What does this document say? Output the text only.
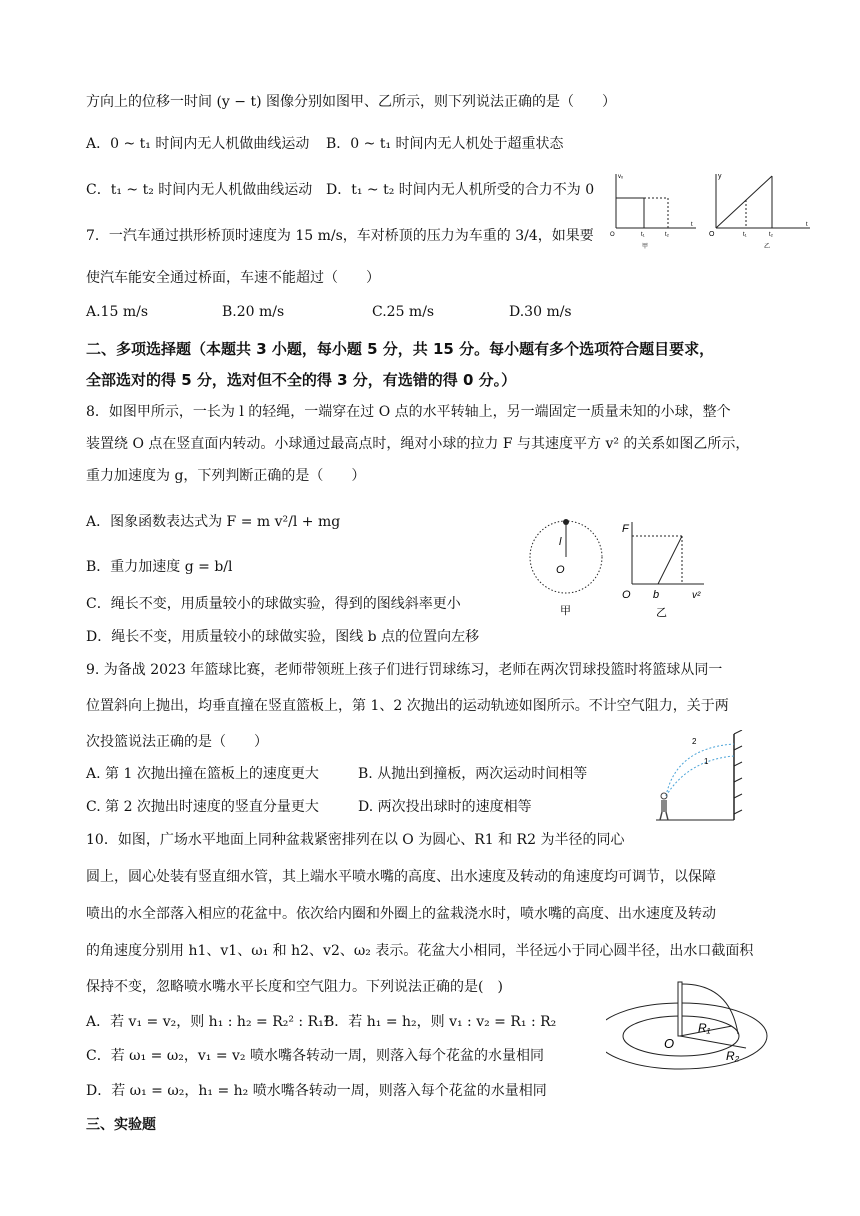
方向上的位移一时间 (y − t) 图像分别如图甲、乙所示，则下列说法正确的是（　　）
A．0 ~ t₁ 时间内无人机做曲线运动 B．0 ~ t₁ 时间内无人机处于超重状态
C．t₁ ~ t₂ 时间内无人机做曲线运动 D．t₁ ~ t₂ 时间内无人机所受的合力不为 0
O	t₁	t₂
t
vₓ
甲
O
y
t₁	t₂
t
乙
7．一汽车通过拱形桥顶时速度为 15 m/s，车对桥顶的压力为车重的 3/4，如果要
使汽车能安全通过桥面，车速不能超过（　　）
A.15 m/s	B.20 m/s	C.25 m/s	D.30 m/s
二、多项选择题（本题共 3 小题，每小题 5 分，共 15 分。每小题有多个选项符合题目要求，
全部选对的得 5 分，选对但不全的得 3 分，有选错的得 0 分。）
8．如图甲所示，一长为 l 的轻绳，一端穿在过 O 点的水平转轴上，另一端固定一质量未知的小球，整个
装置绕 O 点在竖直面内转动。小球通过最高点时，绳对小球的拉力 F 与其速度平方 v² 的关系如图乙所示，
重力加速度为 g，下列判断正确的是（　　）
A．图象函数表达式为 F = m v²/l + mg
B．重力加速度 g = b/l
C．绳长不变，用质量较小的球做实验，得到的图线斜率更小
D．绳长不变，用质量较小的球做实验，图线 b 点的位置向左移
l
O
甲
F
O b	v²
乙
9. 为备战 2023 年篮球比赛，老师带领班上孩子们进行罚球练习，老师在两次罚球投篮时将篮球从同一
位置斜向上抛出，均垂直撞在竖直篮板上，第 1、2 次抛出的运动轨迹如图所示。不计空气阻力，关于两
次投篮说法正确的是（　　）
A. 第 1 次抛出撞在篮板上的速度更大	B. 从抛出到撞板，两次运动时间相等
C. 第 2 次抛出时速度的竖直分量更大	D. 两次投出球时的速度相等
2
1
10．如图，广场水平地面上同种盆栽紧密排列在以 O 为圆心、R1 和 R2 为半径的同心
圆上，圆心处装有竖直细水管，其上端水平喷水嘴的高度、出水速度及转动的角速度均可调节，以保障
喷出的水全部落入相应的花盆中。依次给内圈和外圈上的盆栽浇水时，喷水嘴的高度、出水速度及转动
的角速度分别用 h1、v1、ω₁ 和 h2、v2、ω₂ 表示。花盆大小相同，半径远小于同心圆半径，出水口截面积
保持不变，忽略喷水嘴水平长度和空气阻力。下列说法正确的是(　)
A．若 v₁ = v₂，则 h₁ : h₂ = R₂² : R₁²
B．若 h₁ = h₂，则 v₁ : v₂ = R₁ : R₂
C．若 ω₁ = ω₂，v₁ = v₂ 喷水嘴各转动一周，则落入每个花盆的水量相同
D．若 ω₁ = ω₂，h₁ = h₂ 喷水嘴各转动一周，则落入每个花盆的水量相同
O
R₁
R₂
三、实验题
